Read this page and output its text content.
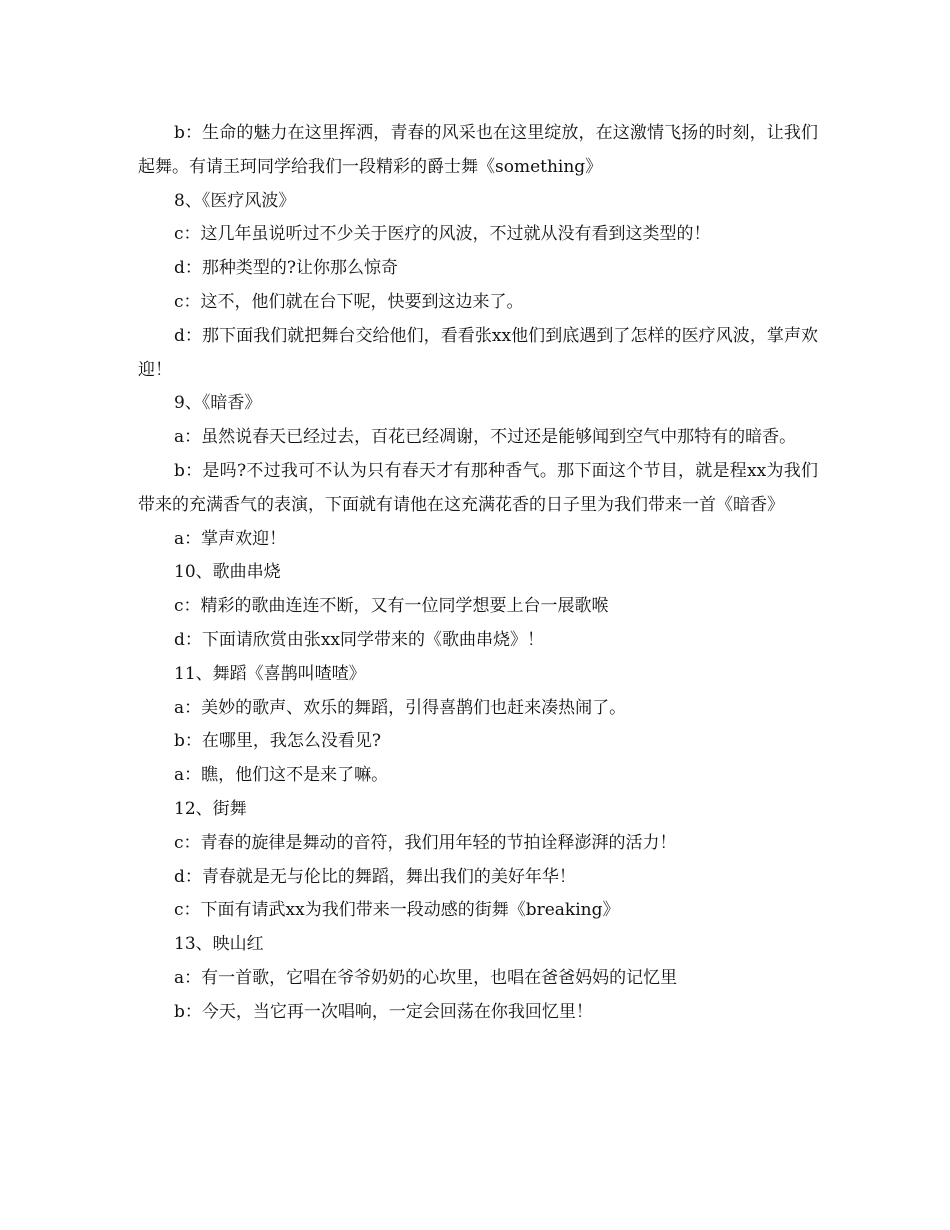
b：生命的魅力在这里挥洒，青春的风采也在这里绽放，在这激情飞扬的时刻，让我们起舞。有请王珂同学给我们一段精彩的爵士舞《something》

8、《医疗风波》

c：这几年虽说听过不少关于医疗的风波，不过就从没有看到这类型的！

d：那种类型的?让你那么惊奇

c：这不，他们就在台下呢，快要到这边来了。

d：那下面我们就把舞台交给他们，看看张xx他们到底遇到了怎样的医疗风波，掌声欢迎！

9、《暗香》

a：虽然说春天已经过去，百花已经凋谢，不过还是能够闻到空气中那特有的暗香。

b：是吗?不过我可不认为只有春天才有那种香气。那下面这个节目，就是程xx为我们带来的充满香气的表演，下面就有请他在这充满花香的日子里为我们带来一首《暗香》

a：掌声欢迎！

10、歌曲串烧

c：精彩的歌曲连连不断，又有一位同学想要上台一展歌喉

d：下面请欣赏由张xx同学带来的《歌曲串烧》！

11、舞蹈《喜鹊叫喳喳》

a：美妙的歌声、欢乐的舞蹈，引得喜鹊们也赶来凑热闹了。

b：在哪里，我怎么没看见?

a：瞧，他们这不是来了嘛。

12、街舞

c：青春的旋律是舞动的音符，我们用年轻的节拍诠释澎湃的活力！

d：青春就是无与伦比的舞蹈，舞出我们的美好年华！

c：下面有请武xx为我们带来一段动感的街舞《breaking》

13、映山红

a：有一首歌，它唱在爷爷奶奶的心坎里，也唱在爸爸妈妈的记忆里

b：今天，当它再一次唱响，一定会回荡在你我回忆里！
